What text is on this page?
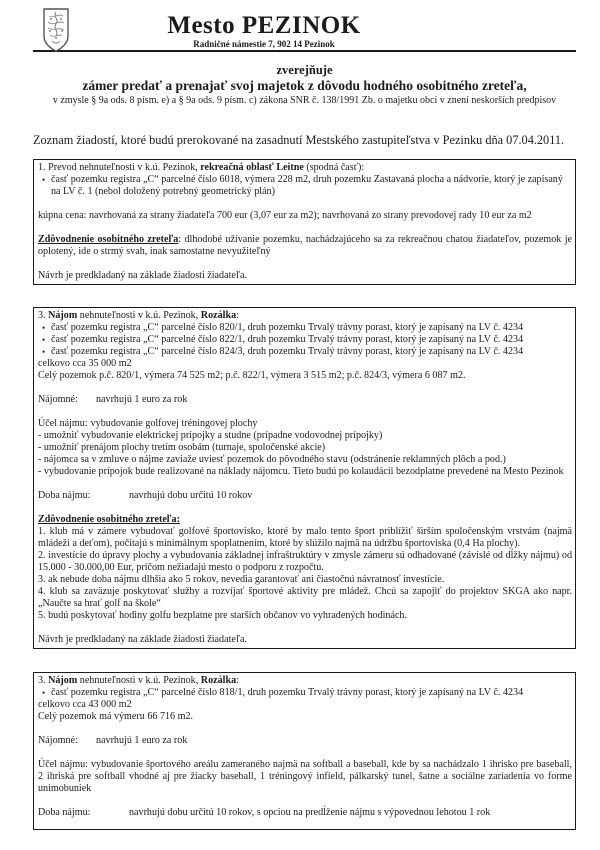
Mesto PEZINOK
Radničné námestie 7, 902 14 Pezinok

zverejňuje

zámer predať a prenajať svoj majetok z dôvodu hodného osobitného zreteľa,

v zmysle § 9a ods. 8 písm. e) a § 9a ods. 9 písm. c) zákona SNR č. 138/1991 Zb. o majetku obcí v znení neskorších predpisov

Zoznam žiadostí, ktoré budú prerokované na zasadnutí Mestského zastupiteľstva v Pezinku dňa 07.04.2011.

1. Prevod nehnuteľnosti v k.ú. Pezinok, rekreačná oblasť Leitne (spodná časť):

• časť pozemku registra „C“ parcelné číslo 6018, výmera 228 m2, druh pozemku Zastavaná plocha a nádvorie, ktorý je zapísaný na LV č. 1 (nebol doložený potrebný geometrický plán)

kúpna cena: navrhovaná za strany žiadateľa 700 eur (3,07 eur za m2); navrhovaná zo strany prevodovej rady 10 eur za m2

Zdôvodnenie osobitného zreteľa: dlhodobé užívanie pozemku, nachádzajúceho sa za rekreačnou chatou žiadateľov, pozemok je oplotený, ide o strmý svah, inak samostatne nevyužiteľný

Návrh je predkladaný na základe žiadosti žiadateľa.

3. Nájom nehnuteľnosti v k.ú. Pezinok, Rozálka:

• časť pozemku registra „C“ parcelné číslo 820/1, druh pozemku Trvalý trávny porast, ktorý je zapísaný na LV č. 4234
• časť pozemku registra „C“ parcelné číslo 822/1, druh pozemku Trvalý trávny porast, ktorý je zapísaný na LV č. 4234
• časť pozemku registra „C“ parcelné číslo 824/3, druh pozemku Trvalý trávny porast, ktorý je zapísaný na LV č. 4234

celkovo cca 35 000 m2

Celý pozemok p.č. 820/1, výmera 74 525 m2; p.č. 822/1, výmera 3 515 m2; p.č. 824/3, výmera 6 087 m2.

Nájomné: navrhujú 1 euro za rok

Účel nájmu: vybudovanie golfovej tréningovej plochy

- umožniť vybudovanie elektrickej prípojky a studne (prípadne vodovodnej prípojky)

- umožniť prenájom plochy tretím osobám (turnaje, spoločenské akcie)

- nájomca sa v zmluve o nájme zaviaže uviesť pozemok do pôvodného stavu (odstránenie reklamných plôch a pod.)

- vybudovanie prípojok bude realizované na náklady nájomcu. Tieto budú po kolaudácii bezodplatne prevedené na Mesto Pezinok

Doba nájmu:	navrhujú dobu určitú 10 rokov

Zdôvodnenie osobitného zreteľa:

1. klub má v zámere vybudovať golfové športovisko, ktoré by malo tento šport priblížiť širším spoločenským vrstvám (najmä mládeži a deťom), počítajú s minimálnym spoplatnením, ktoré by slúžilo najmä na údržbu športoviska (0,4 Ha plochy).

2. investície do úpravy plochy a vybudovania základnej infraštruktúry v zmysle zámeru sú odhadované (závislé od dĺžky nájmu) od 15.000 - 30.000,00 Eur, pričom nežiadajú mesto o podporu z rozpočtu.

3. ak nebude doba nájmu dlhšia ako 5 rokov, nevedia garantovať ani čiastočnú návratnosť investície.

4. klub sa zaväzuje poskytovať služby a rozvíjať športové aktivity pre mládež. Chcú sa zapojiť do projektov SKGA ako napr. „Naučte sa hrať golf na škole“

5. budú poskytovať hodiny golfu bezplatne pre starších občanov vo vyhradených hodinách.

Návrh je predkladaný na základe žiadosti žiadateľa.

3. Nájom nehnuteľnosti v k.ú. Pezinok, Rozálka:

• časť pozemku registra „C“ parcelné číslo 818/1, druh pozemku Trvalý trávny porast, ktorý je zapísaný na LV č. 4234

celkovo cca 43 000 m2

Celý pozemok má výmeru 66 716 m2.

Nájomné: navrhujú 1 euro za rok

Účel nájmu: vybudovanie športového areálu zameraného najmä na softball a baseball, kde by sa nachádzalo 1 ihrisko pre baseball, 2 ihriská pre softball vhodné aj pre žiacky baseball, 1 tréningový infield, pálkarský tunel, šatne a sociálne zariadenia vo forme unimobuniek

Doba nájmu:	navrhujú dobu určitú 10 rokov, s opciou na predĺženie nájmu s výpovednou lehotou 1 rok
